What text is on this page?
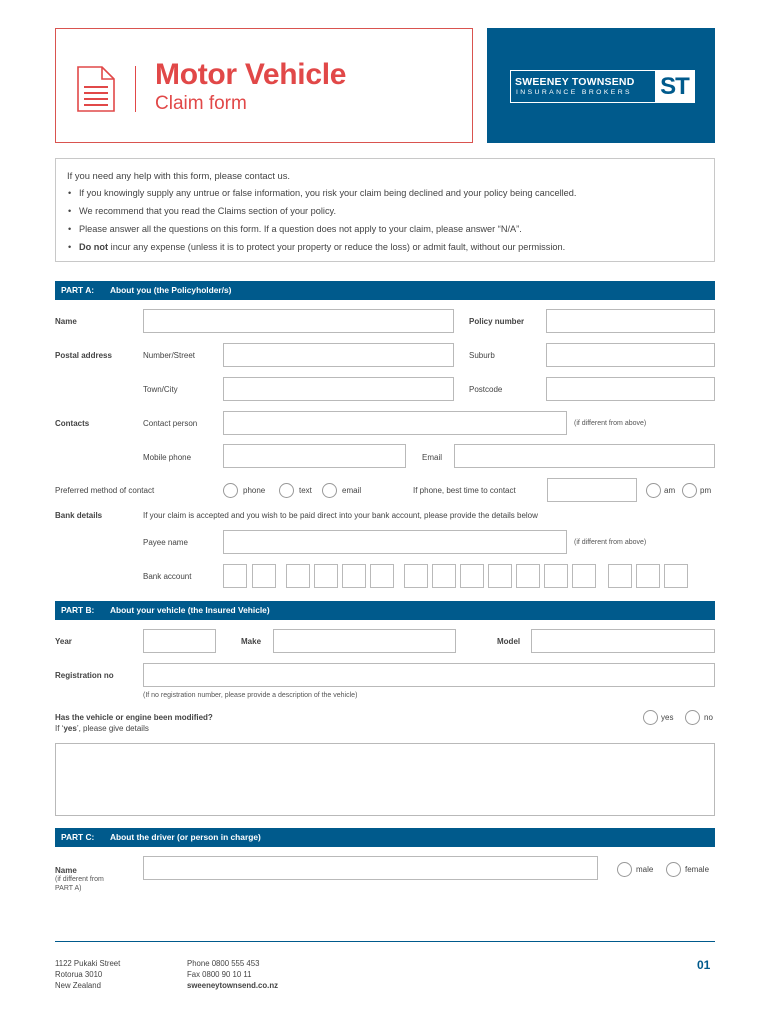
Motor Vehicle
Claim form
SWEENEY TOWNSEND
INSURANCE BROKERS ST
If you need any help with this form, please contact us.
• If you knowingly supply any untrue or false information, you risk your claim being declined and your policy being cancelled.
• We recommend that you read the Claims section of your policy.
• Please answer all the questions on this form. If a question does not apply to your claim, please answer “N/A”.
• Do not incur any expense (unless it is to protect your property or reduce the loss) or admit fault, without our permission.
PART A: About you (the Policyholder/s)
Name	Policy number
Postal address	Number/Street	Suburb
Town/City	Postcode
Contacts	Contact person	(if different from above)
Mobile phone	Email
Preferred method of contact	phone	text	email	If phone, best time to contact	am	pm
Bank details	If your claim is accepted and you wish to be paid direct into your bank account, please provide the details below
Payee name	(if different from above)
Bank account
PART B: About your vehicle (the Insured Vehicle)
Year	Make	Model
Registration no
(If no registration number, please provide a description of the vehicle)
Has the vehicle or engine been modified?
If ‘yes’, please give details
yes	no
PART C: About the driver (or person in charge)
Name
(if different from
PART A)
male	female
1122 Pukaki Street
Rotorua 3010
New Zealand
Phone 0800 555 453
Fax 0800 90 10 11
sweeneytownsend.co.nz
01
